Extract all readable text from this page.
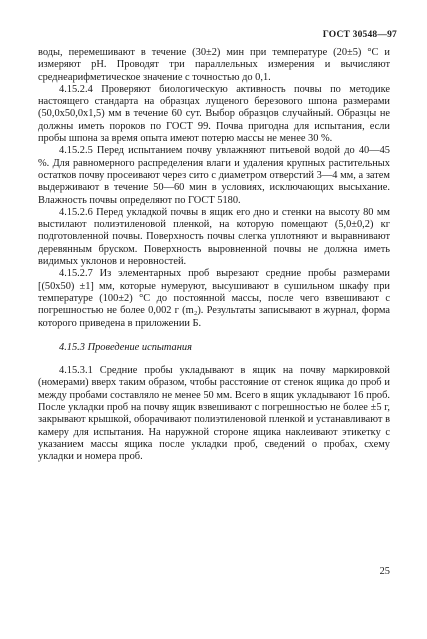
ГОСТ 30548—97

воды, перемешивают в течение (30±2) мин при температуре (20±5) °С и измеряют pH. Проводят три параллельных измерения и вычисляют среднеарифметическое значение с точностью до 0,1.

4.15.2.4 Проверяют биологическую активность почвы по методике настоящего стандарта на образцах лущеного березового шпона размерами (50,0х50,0х1,5) мм в течение 60 сут. Выбор образцов случайный. Образцы не должны иметь пороков по ГОСТ 99. Почва пригодна для испытания, если пробы шпона за время опыта имеют потерю массы не менее 30 %.

4.15.2.5 Перед испытанием почву увлажняют питьевой водой до 40—45 %. Для равномерного распределения влаги и удаления крупных растительных остатков почву просеивают через сито с диаметром отверстий 3—4 мм, а затем выдерживают в течение 50—60 мин в условиях, исключающих высыхание. Влажность почвы определяют по ГОСТ 5180.

4.15.2.6 Перед укладкой почвы в ящик его дно и стенки на высоту 80 мм выстилают полиэтиленовой пленкой, на которую помещают (5,0±0,2) кг подготовленной почвы. Поверхность почвы слегка уплотняют и выравнивают деревянным бруском. Поверхность выровненной почвы не должна иметь видимых уклонов и неровностей.

4.15.2.7 Из элементарных проб вырезают средние пробы размерами [(50х50) ±1] мм, которые нумеруют, высушивают в сушильном шкафу при температуре (100±2) °С до постоянной массы, после чего взвешивают с погрешностью не более 0,002 г (m₂). Результаты записывают в журнал, форма которого приведена в приложении Б.

4.15.3 Проведение испытания

4.15.3.1 Средние пробы укладывают в ящик на почву маркировкой (номерами) вверх таким образом, чтобы расстояние от стенок ящика до проб и между пробами составляло не менее 50 мм. Всего в ящик укладывают 16 проб. После укладки проб на почву ящик взвешивают с погрешностью не более ±5 г, закрывают крышкой, оборачивают полиэтиленовой пленкой и устанавливают в камеру для испытания. На наружной стороне ящика наклеивают этикетку с указанием массы ящика после укладки проб, сведений о пробах, схему укладки и номера проб.

25
